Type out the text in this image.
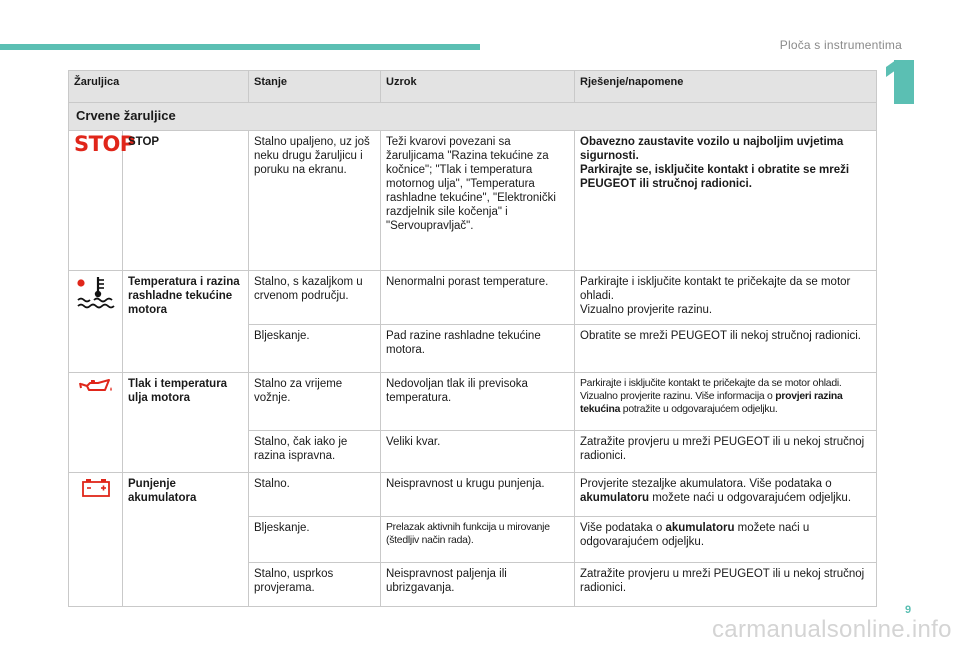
Ploča s instrumentima
Žaruljica		Stanje	Uzrok	Rješenje/napomene
Crvene žaruljice				
STOP	STOP	Stalno upaljeno, uz još neku drugu žaruljicu i poruku na ekranu.	Teži kvarovi povezani sa žaruljicama "Razina tekućine za kočnice"; "Tlak i temperatura motornog ulja", "Temperatura rashladne tekućine", "Elektronički razdjelnik sile kočenja" i "Servoupravljač".	Obavezno zaustavite vozilo u najboljim uvjetima sigurnosti.
Parkirajte se, isključite kontakt i obratite se mreži PEUGEOT ili stručnoj radionici.

	Temperatura i razina rashladne tekućine motora	Stalno, s kazaljkom u crvenom području.	Nenormalni porast temperature.	Parkirajte i isključite kontakt te pričekajte da se motor ohladi.
Vizualno provjerite razinu.

		Bljeskanje.	Pad razine rashladne tekućine motora.	Obratite se mreži PEUGEOT ili nekoj stručnoj radionici.

	Tlak i temperatura ulja motora	Stalno za vrijeme vožnje.	Nedovoljan tlak ili previsoka temperatura.	Parkirajte i isključite kontakt te pričekajte da se motor ohladi.
Vizualno provjerite razinu. Više informacija o provjeri razina tekućina potražite u odgovarajućem odjeljku.

		Stalno, čak iako je razina ispravna.	Veliki kvar.	Zatražite provjeru u mreži PEUGEOT ili u nekoj stručnoj radionici.

	Punjenje akumulatora	Stalno.	Neispravnost u krugu punjenja.	Provjerite stezaljke akumulatora. Više podataka o akumulatoru možete naći u odgovarajućem odjeljku.
		Bljeskanje.	Prelazak aktivnih funkcija u mirovanje (štedljiv način rada).	Više podataka o akumulatoru možete naći u odgovarajućem odjeljku.
		Stalno, usprkos provjerama.	Neispravnost paljenja ili ubrizgavanja.	Zatražite provjeru u mreži PEUGEOT ili u nekoj stručnoj radionici.
9
carmanualsonline.info
